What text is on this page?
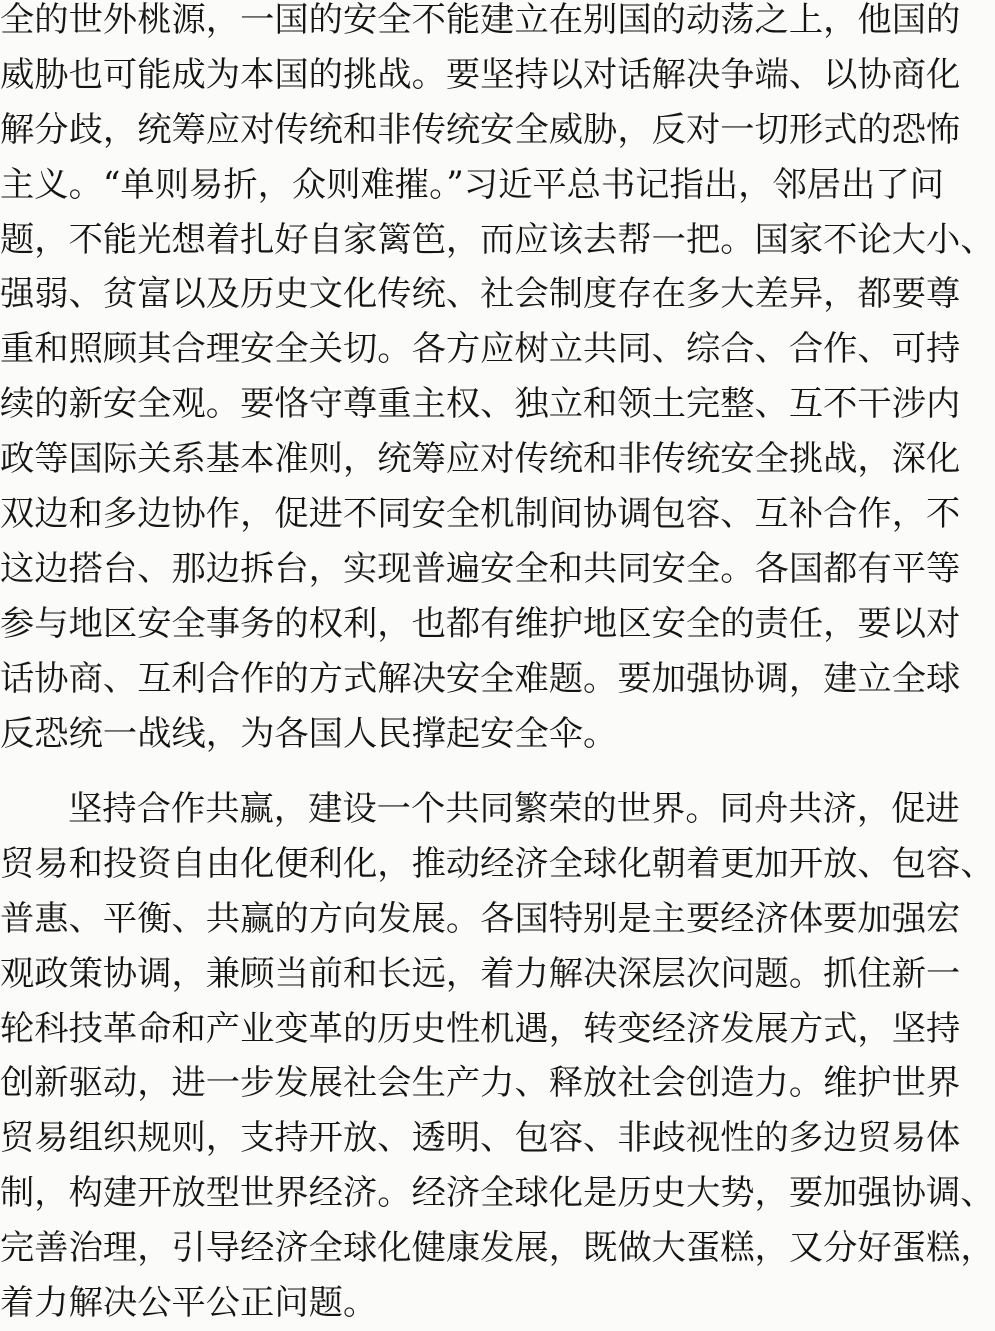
全的世外桃源，一国的安全不能建立在别国的动荡之上，他国的
威胁也可能成为本国的挑战。要坚持以对话解决争端、以协商化
解分歧，统筹应对传统和非传统安全威胁，反对一切形式的恐怖
主义。“单则易折，众则难摧。”习近平总书记指出，邻居出了问
题，不能光想着扎好自家篱笆，而应该去帮一把。国家不论大小、
强弱、贫富以及历史文化传统、社会制度存在多大差异，都要尊
重和照顾其合理安全关切。各方应树立共同、综合、合作、可持
续的新安全观。要恪守尊重主权、独立和领土完整、互不干涉内
政等国际关系基本准则，统筹应对传统和非传统安全挑战，深化
双边和多边协作，促进不同安全机制间协调包容、互补合作，不
这边搭台、那边拆台，实现普遍安全和共同安全。各国都有平等
参与地区安全事务的权利，也都有维护地区安全的责任，要以对
话协商、互利合作的方式解决安全难题。要加强协调，建立全球
反恐统一战线，为各国人民撑起安全伞。
坚持合作共赢，建设一个共同繁荣的世界。同舟共济，促进
贸易和投资自由化便利化，推动经济全球化朝着更加开放、包容、
普惠、平衡、共赢的方向发展。各国特别是主要经济体要加强宏
观政策协调，兼顾当前和长远，着力解决深层次问题。抓住新一
轮科技革命和产业变革的历史性机遇，转变经济发展方式，坚持
创新驱动，进一步发展社会生产力、释放社会创造力。维护世界
贸易组织规则，支持开放、透明、包容、非歧视性的多边贸易体
制，构建开放型世界经济。经济全球化是历史大势，要加强协调、
完善治理，引导经济全球化健康发展，既做大蛋糕，又分好蛋糕，
着力解决公平公正问题。
